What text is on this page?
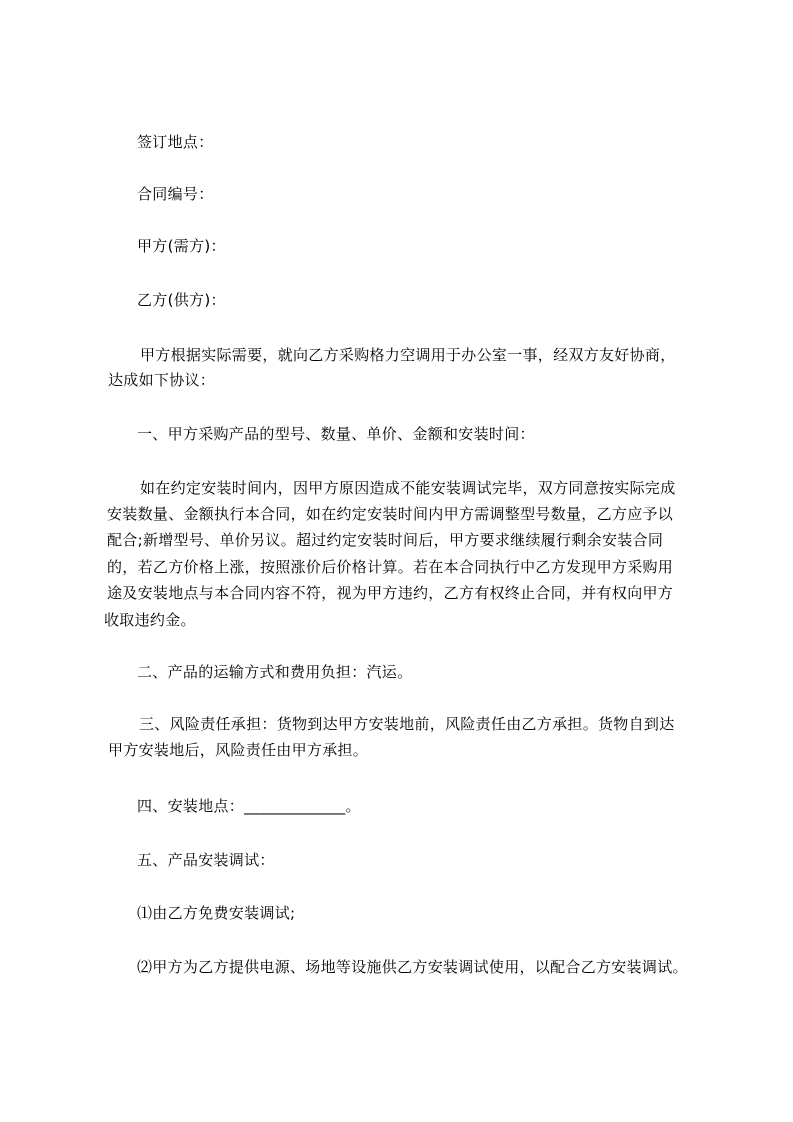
签订地点：
合同编号：
甲方(需方)：
乙方(供方)：
甲方根据实际需要，就向乙方采购格力空调用于办公室一事，经双方友好协商，
达成如下协议：
一、甲方采购产品的型号、数量、单价、金额和安装时间：
如在约定安装时间内，因甲方原因造成不能安装调试完毕，双方同意按实际完成
安装数量、金额执行本合同，如在约定安装时间内甲方需调整型号数量，乙方应予以
配合;新增型号、单价另议。超过约定安装时间后，甲方要求继续履行剩余安装合同
的，若乙方价格上涨，按照涨价后价格计算。若在本合同执行中乙方发现甲方采购用
途及安装地点与本合同内容不符，视为甲方违约，乙方有权终止合同，并有权向甲方
收取违约金。
二、产品的运输方式和费用负担：汽运。
三、风险责任承担：货物到达甲方安装地前，风险责任由乙方承担。货物自到达
甲方安装地后，风险责任由甲方承担。
四、安装地点：_____________。
五、产品安装调试：
⑴由乙方免费安装调试;
⑵甲方为乙方提供电源、场地等设施供乙方安装调试使用，以配合乙方安装调试。
